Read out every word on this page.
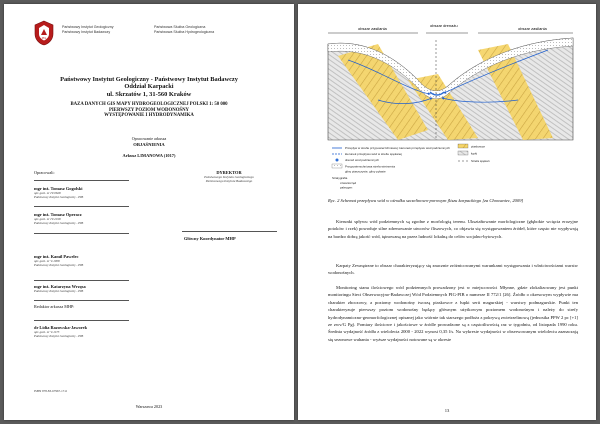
PIG
Państwowy Instytut Geologiczny
Państwowy Instytut Badawczy
Państwowa Służba Geologiczna
Państwowa Służba Hydrogeologiczna
Państwowy Instytut Geologiczny - Państwowy Instytut Badawczy
Oddział Karpacki
ul. Skrzatów 1, 31-560 Kraków
BAZA DANYCH GIS MAPY HYDROGEOLOGICZNEJ POLSKI 1: 50 000
PIERWSZY POZIOM WODONOŚNY
WYSTĘPOWANIE I HYDRODYNAMIKA
Opracowanie arkusza
OBJAŚNIENIA
Arkusz LIMANOWA (1017)
Opracowali:	DYREKTOR
Państwowego Instytutu Geologicznego
Państwowego Instytutu Badawczego
mgr inż. Tomasz Gogolski
upr. geol. nr IV-0628
Państwowy Instytut Geologiczny - PIB
mgr inż. Tomasz Operacz
upr. geol. nr IV-2018
Państwowy Instytut Geologiczny - PIB
Główny Koordynator MHP
mgr inż. Kamil Pawelec
upr. geol. nr V-1908
Państwowy Instytut Geologiczny - PIB
mgr inż. Katarzyna Wrzęsa
Państwowy Instytut Geologiczny - PIB
Redaktor arkusza MHP:
dr Lidia Razowska-Jaworek
upr. geol. nr V-1173
Państwowy Instytut Geologiczny - PIB
ISBN 978-83-67967-17-6
Warszawa 2023
obszar zasilania
obszar drenażu
obszar zasilania
Przepływ w strefie przypowierzchniowej: kierunek przepływu wód podziemnych
kierunek przepływu wód w strefie spękanej
drenaż wód podziemnych
Przypowierzchniowa strefa wietrzenia
gliny piaszczyste, gliny pylaste
Stratygrafia
czwartorzęd
paleogen
piaskowce
łupki
Strefa spękań
Ryc. 2 Schemat przepływu wód w ośrodku szczelinowo-porowym fliszu karpackiego [za Chowaniec, 2009]
Kierunki spływu wód podziemnych są zgodne z morfologią terenu. Ukształtowanie morfologiczne (głębokie wcięcia erozyjne potoków i rzek) powoduje silne zdrenowanie utworów fliszowych, co objawia się występowaniem źródeł, które często nie wypływają na bardzo dobrą jakość wód, tętnowaną na przez ludność lokalną do celów socjalno-bytowych.
Karpaty Zewnętrzne to obszar charakteryzujący się znacznie zróżnicowanymi warunkami występowania i właściwościami warstw wodonośnych.
Monitoring stanu ilościowego wód podziemnych prowadzony jest w miejscowości Młynne, gdzie zlokalizowany jest punkt monitoringu Sieci Obserwacyjno-Badawczej Wód Podziemnych PIG-PIB o numerze II 772/1 [26]. Źródło o okresowym wypływie ma charakter zboczowy, a poziomy wodonośny tworzą piaskowce z łupki serii magurskiej - warstwy podmagurskie. Punkt ten charakteryzuje pierwszy poziom wodonośny będący głównym użytkowym poziomem wodonośnym i należy do strefy hydrodynamiczno-geomorfologicznej opisanej jako wtórnie tak starszego podłoża z pokrywą zwietrzelinową (jednostka PPW 2 pc [+1] ze zwv/G Pg). Pomiary ilościowe i jakościowe w źródle prowadzone są z częstotliwością raz w tygodniu, od listopada 1990 roku. Średnia wydajność źródła z wielolecia 2000 - 2022 wynosi 0,35 l/s. Na wykresie wydajności w obserwowanym wieloleciu zaznaczają się sezonowe wahania - wyższe wydajności notowane są w okresie
13
